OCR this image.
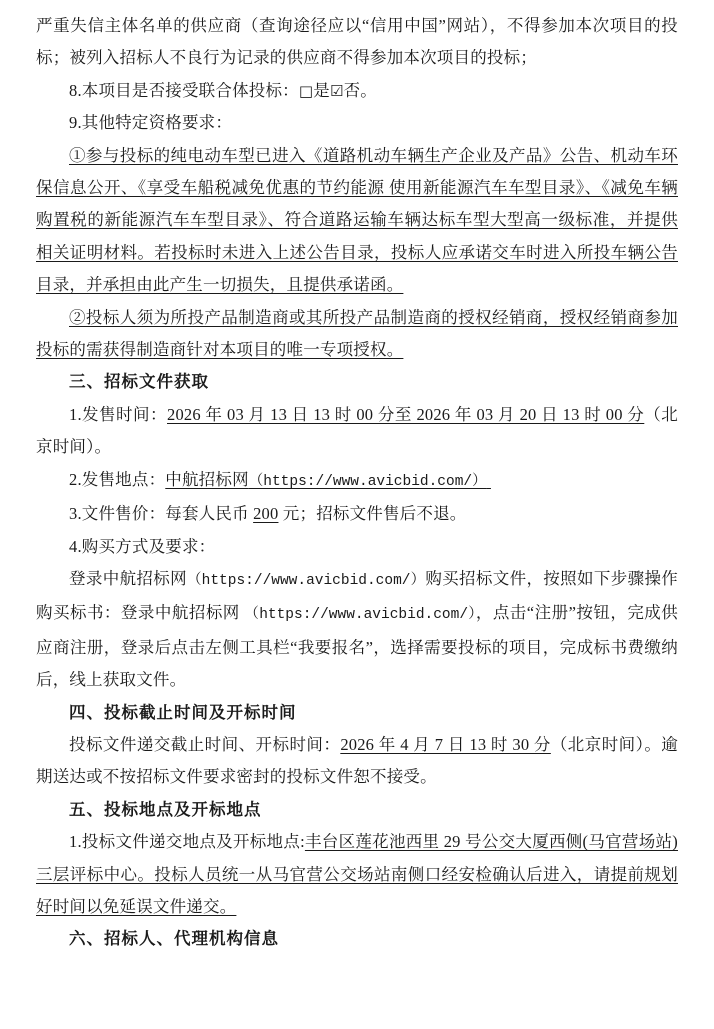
严重失信主体名单的供应商（查询途径应以“信用中国”网站），不得参加本次项目的投标；被列入招标人不良行为记录的供应商不得参加本次项目的投标；

8.本项目是否接受联合体投标：□是☑否。

9.其他特定资格要求：

①参与投标的纯电动车型已进入《道路机动车辆生产企业及产品》公告、机动车环保信息公开、《享受车船税减免优惠的节约能源 使用新能源汽车车型目录》、《减免车辆购置税的新能源汽车车型目录》、符合道路运输车辆达标车型大型高一级标准，并提供相关证明材料。若投标时未进入上述公告目录，投标人应承诺交车时进入所投车辆公告目录，并承担由此产生一切损失，且提供承诺函。

②投标人须为所投产品制造商或其所投产品制造商的授权经销商，授权经销商参加投标的需获得制造商针对本项目的唯一专项授权。

三、招标文件获取

1.发售时间：2026 年 03 月 13 日 13 时 00 分至 2026 年 03 月 20 日 13 时 00 分（北京时间）。

2.发售地点：中航招标网（https://www.avicbid.com/）

3.文件售价：每套人民币 200 元；招标文件售后不退。

4.购买方式及要求：

登录中航招标网（https://www.avicbid.com/）购买招标文件，按照如下步骤操作购买标书：登录中航招标网 （https://www.avicbid.com/），点击“注册”按钮，完成供应商注册，登录后点击左侧工具栏“我要报名”，选择需要投标的项目，完成标书费缴纳后，线上获取文件。

四、投标截止时间及开标时间

投标文件递交截止时间、开标时间：2026 年 4 月 7 日 13 时 30 分（北京时间）。逾期送达或不按招标文件要求密封的投标文件恕不接受。

五、投标地点及开标地点

1.投标文件递交地点及开标地点:丰台区莲花池西里 29 号公交大厦西侧(马官营场站)三层评标中心。投标人员统一从马官营公交场站南侧口经安检确认后进入，请提前规划好时间以免延误文件递交。

六、招标人、代理机构信息
